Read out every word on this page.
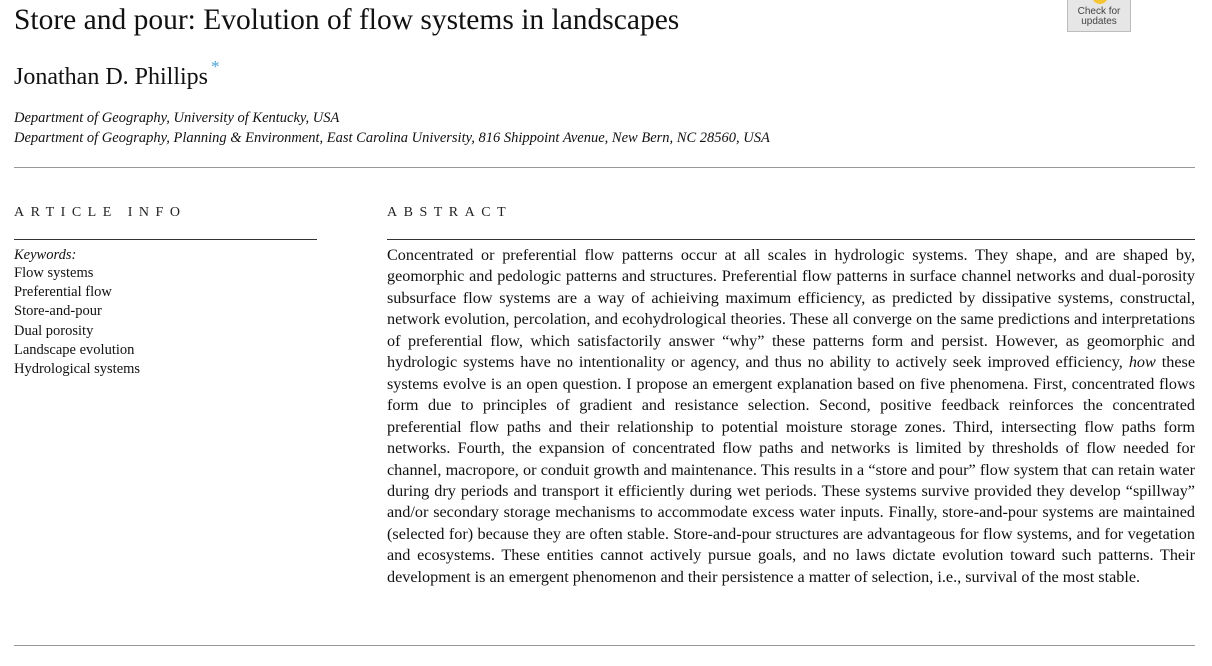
Store and pour: Evolution of flow systems in landscapes	Check for
updates
Jonathan D. Phillips *
Department of Geography, University of Kentucky, USA
Department of Geography, Planning & Environment, East Carolina University, 816 Shippoint Avenue, New Bern, NC 28560, USA
ARTICLE INFO	ABSTRACT
Keywords:
Flow systems
Preferential flow
Store-and-pour
Dual porosity
Landscape evolution
Hydrological systems

Concentrated or preferential flow patterns occur at all scales in hydrologic systems. They shape, and are shaped by, geomorphic and pedologic patterns and structures. Preferential flow patterns in surface channel networks and dual-porosity subsurface flow systems are a way of achieiving maximum efficiency, as predicted by dissipative systems, constructal, network evolution, percolation, and ecohydrological theories. These all converge on the same predictions and interpretations of preferential flow, which satisfactorily answer “why” these patterns form and persist. However, as geomorphic and hydrologic systems have no intentionality or agency, and thus no ability to actively seek improved efficiency, how these systems evolve is an open question. I propose an emergent explanation based on five phenomena. First, concentrated flows form due to principles of gradient and resistance selection. Second, positive feedback reinforces the concentrated preferential flow paths and their relationship to potential moisture storage zones. Third, intersecting flow paths form networks. Fourth, the expansion of concentrated flow paths and networks is limited by thresholds of flow needed for channel, macropore, or conduit growth and maintenance. This results in a “store and pour” flow system that can retain water during dry periods and transport it efficiently during wet periods. These systems survive provided they develop “spillway” and/or secondary storage mechanisms to accommodate excess water inputs. Finally, store-and-pour systems are maintained (selected for) because they are often stable. Store-and-pour structures are advantageous for flow systems, and for vegetation and ecosystems. These entities cannot actively pursue goals, and no laws dictate evolution toward such patterns. Their development is an emergent phenomenon and their persistence a matter of selection, i.e., survival of the most stable.
